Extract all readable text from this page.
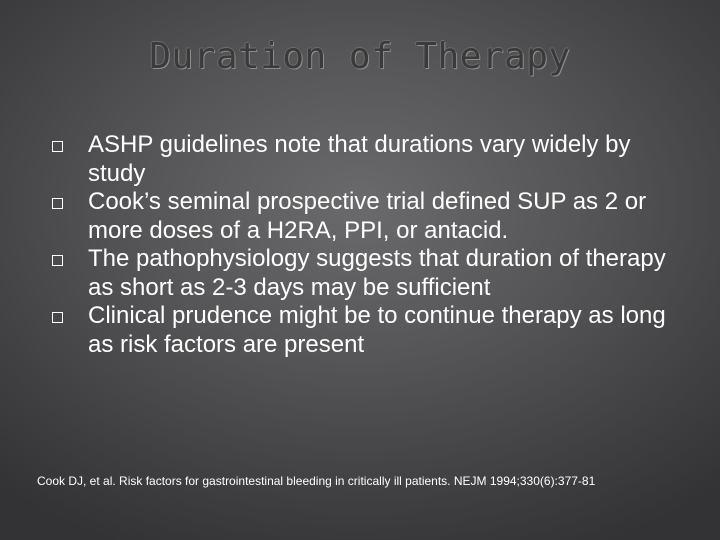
Duration of Therapy
ASHP guidelines note that durations vary widely by study
Cook’s seminal prospective trial defined SUP as 2 or more doses of a H2RA, PPI, or antacid.
The pathophysiology suggests that duration of therapy as short as 2-3 days may be sufficient
Clinical prudence might be to continue therapy as long as risk factors are present
Cook DJ, et al. Risk factors for gastrointestinal bleeding in critically ill patients. NEJM 1994;330(6):377-81
